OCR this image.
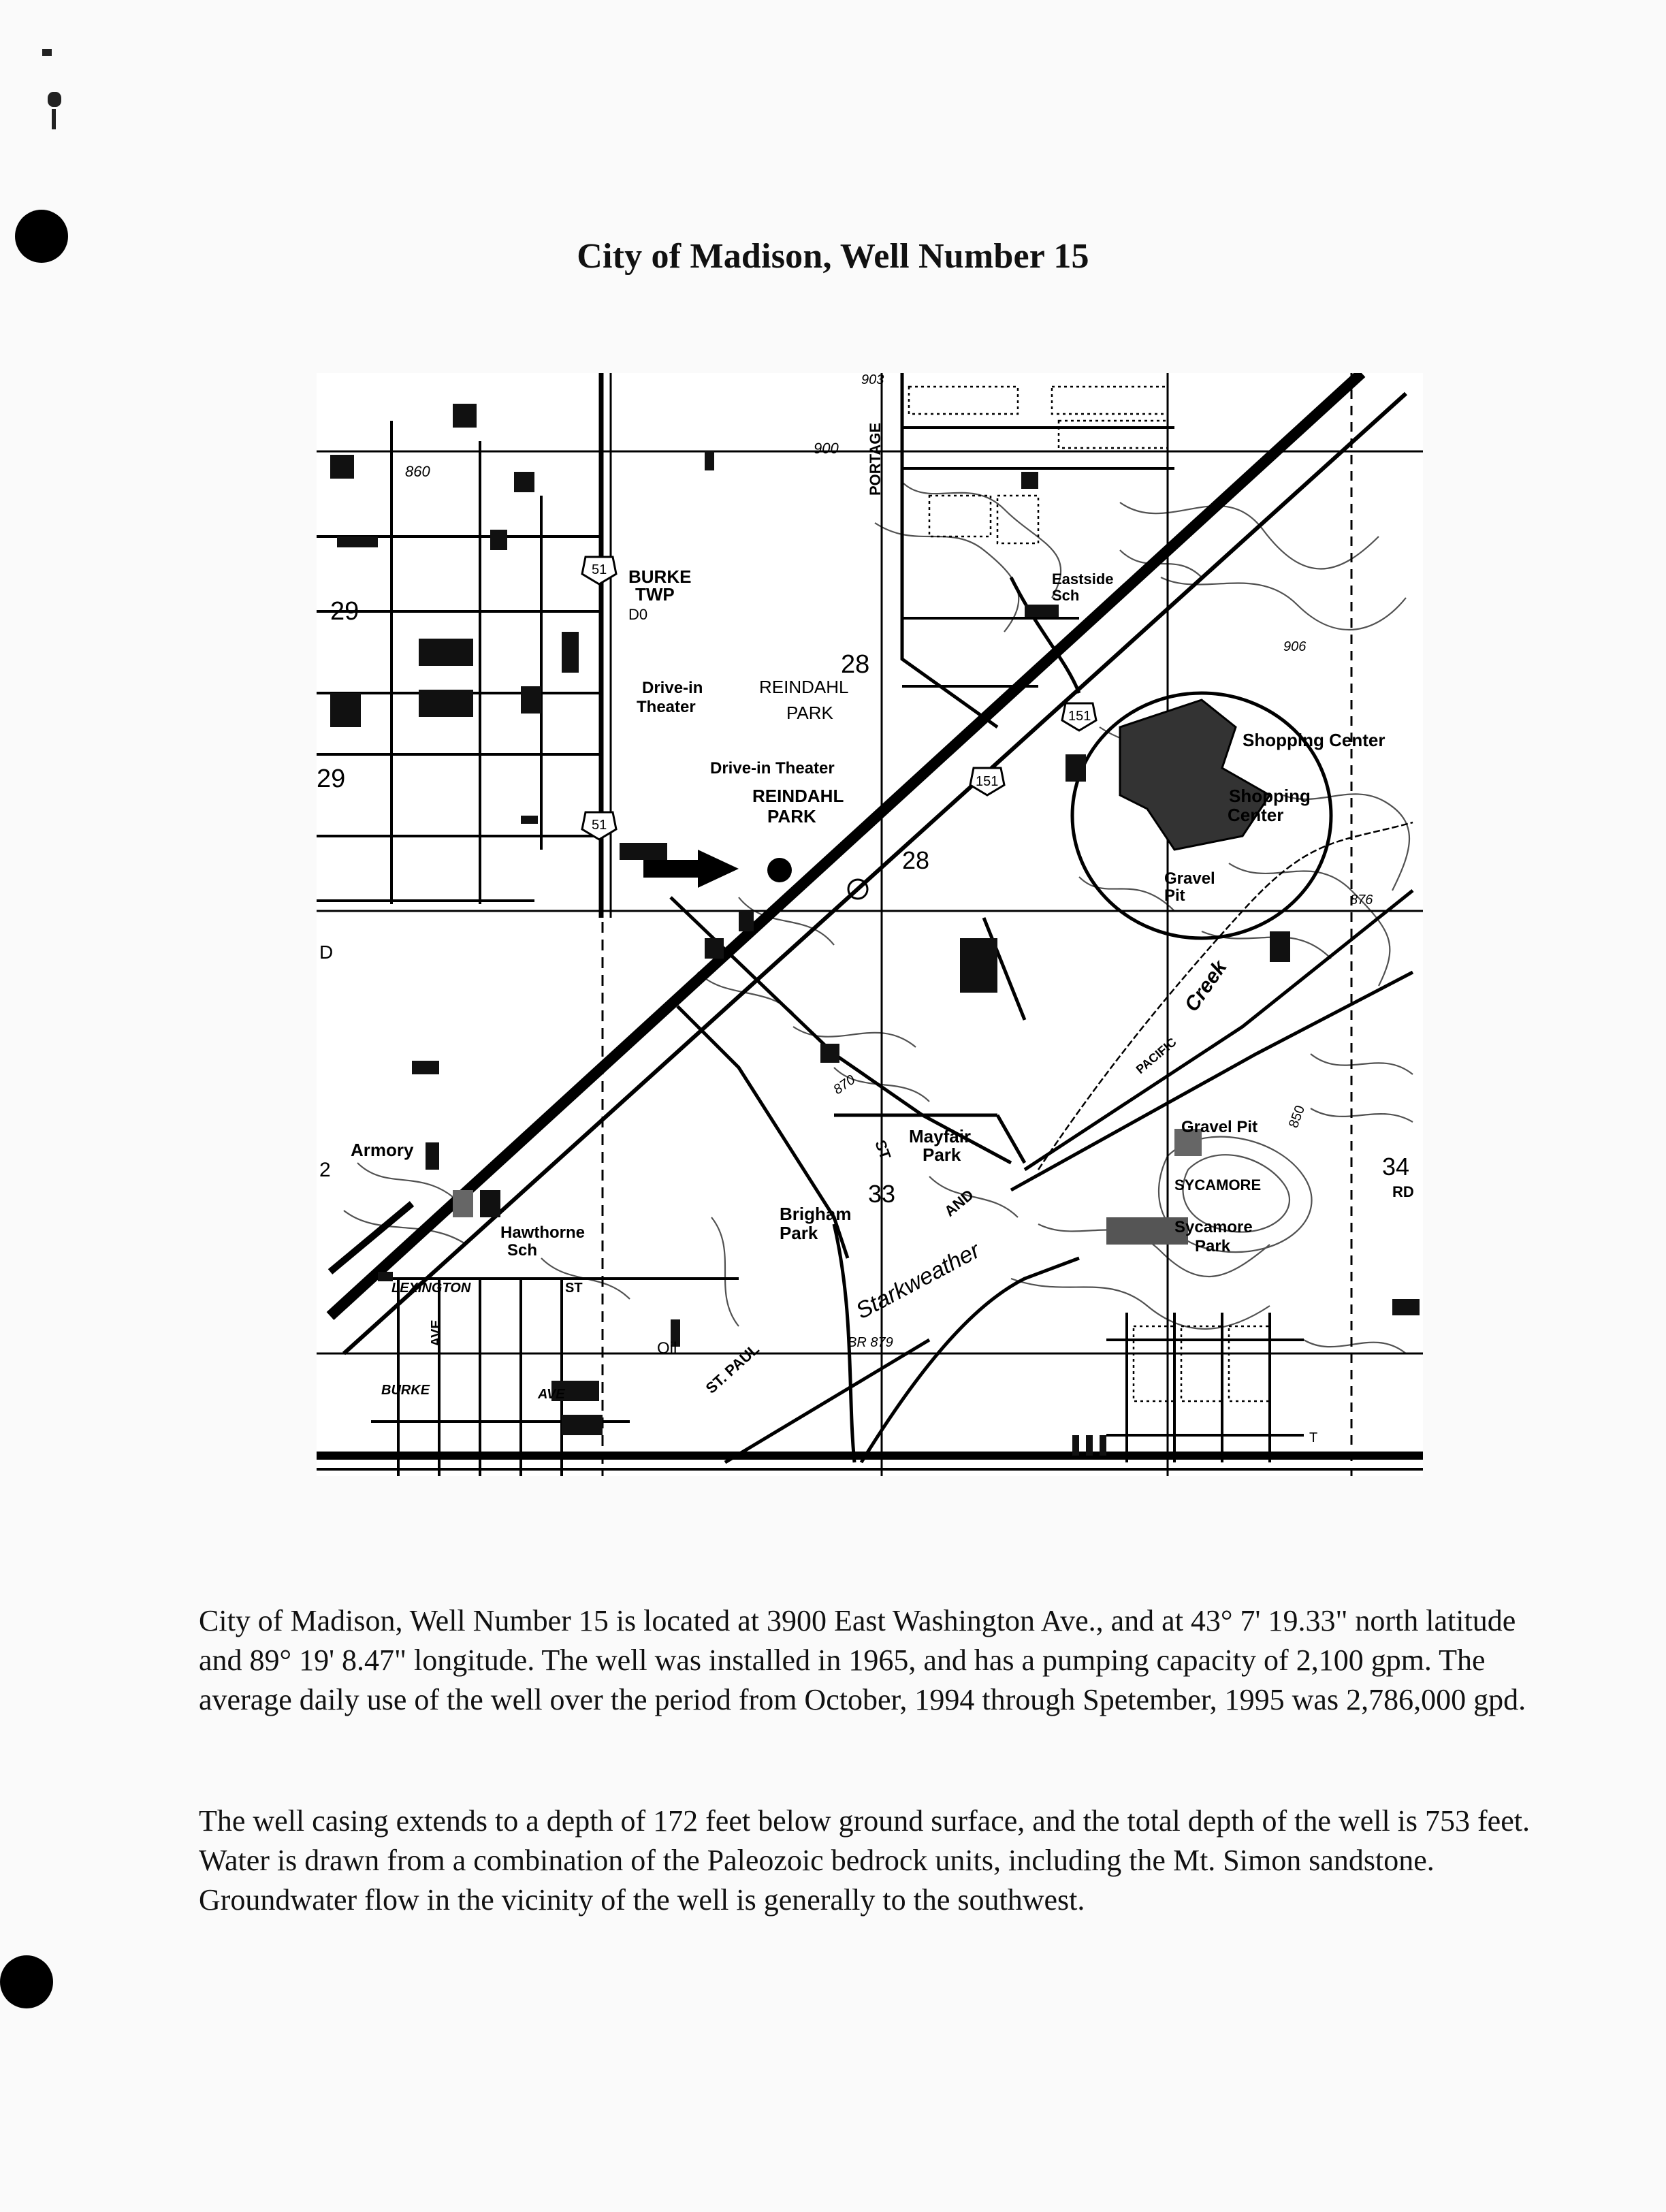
City of Madison, Well Number 15
BURKE
TWP
51
51
D0
29
29
860
900
903
PORTAGE
28
Drive-in
Theater
REINDAHL
PARK
Drive-in Theater
REINDAHL
PARK
28
Eastside
Sch
906
151
151
Shopping Center
Shopping
Center
Gravel
Pit	876
D
Creek
PACIFIC
850
Gravel Pit
34
SYCAMORE	RD
Sycamore
Park
Mayfair
Park
870
ST
33	AND
Brigham
Park
Starkweather
BR 879
ST. PAUL
Oil
Armory
2
Hawthorne
Sch
LEXINGTON	ST
AVE
BURKE	AVE
T

City of Madison, Well Number 15 is located at 3900 East Washington Ave., and at 43° 7' 19.33" north latitude and 89° 19' 8.47" longitude. The well was installed in 1965, and has a pumping capacity of 2,100 gpm. The average daily use of the well over the period from October, 1994 through Spetember, 1995 was 2,786,000 gpd.

The well casing extends to a depth of 172 feet below ground surface, and the total depth of the well is 753 feet. Water is drawn from a combination of the Paleozoic bedrock units, including the Mt. Simon sandstone. Groundwater flow in the vicinity of the well is generally to the southwest.
